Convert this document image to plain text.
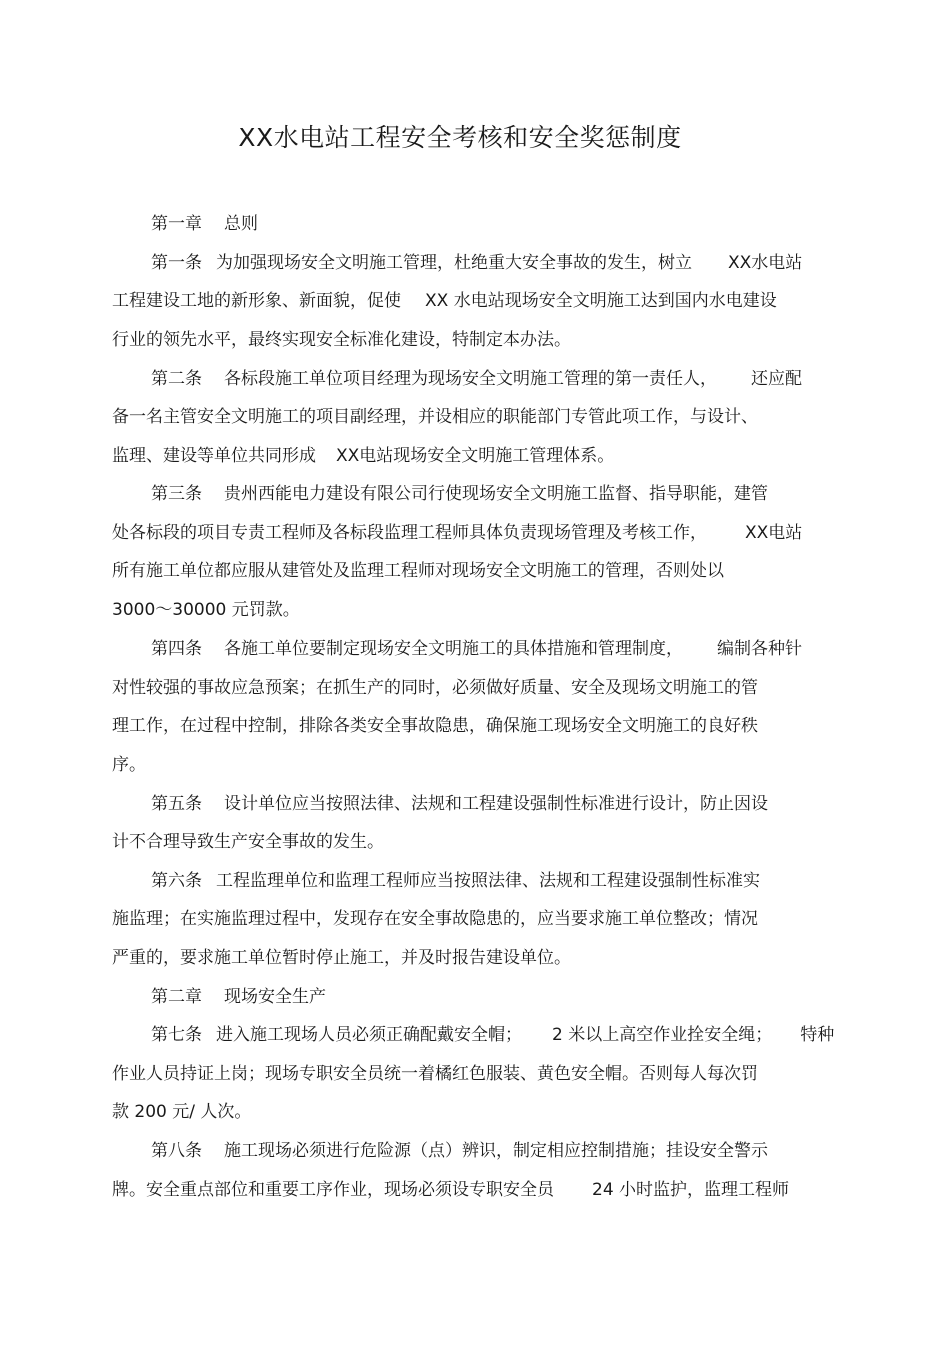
XX水电站工程安全考核和安全奖惩制度
第一章 总则
第一条 为加强现场安全文明施工管理，杜绝重大安全事故的发生，树立 XX水电站
工程建设工地的新形象、新面貌，促使 XX 水电站现场安全文明施工达到国内水电建设
行业的领先水平，最终实现安全标准化建设，特制定本办法。
第二条 各标段施工单位项目经理为现场安全文明施工管理的第一责任人， 还应配
备一名主管安全文明施工的项目副经理，并设相应的职能部门专管此项工作，与设计、
监理、建设等单位共同形成 XX电站现场安全文明施工管理体系。
第三条 贵州西能电力建设有限公司行使现场安全文明施工监督、指导职能，建管
处各标段的项目专责工程师及各标段监理工程师具体负责现场管理及考核工作， XX电站
所有施工单位都应服从建管处及监理工程师对现场安全文明施工的管理，否则处以
3000～30000 元罚款。
第四条 各施工单位要制定现场安全文明施工的具体措施和管理制度， 编制各种针
对性较强的事故应急预案；在抓生产的同时，必须做好质量、安全及现场文明施工的管
理工作，在过程中控制，排除各类安全事故隐患，确保施工现场安全文明施工的良好秩
序。
第五条 设计单位应当按照法律、法规和工程建设强制性标准进行设计，防止因设
计不合理导致生产安全事故的发生。
第六条 工程监理单位和监理工程师应当按照法律、法规和工程建设强制性标准实
施监理；在实施监理过程中，发现存在安全事故隐患的，应当要求施工单位整改；情况
严重的，要求施工单位暂时停止施工，并及时报告建设单位。
第二章 现场安全生产
第七条 进入施工现场人员必须正确配戴安全帽； 2 米以上高空作业拴安全绳； 特种
作业人员持证上岗；现场专职安全员统一着橘红色服装、黄色安全帽。否则每人每次罚
款 200 元/ 人次。
第八条 施工现场必须进行危险源（点）辨识，制定相应控制措施；挂设安全警示
牌。安全重点部位和重要工序作业，现场必须设专职安全员 24 小时监护，监理工程师
